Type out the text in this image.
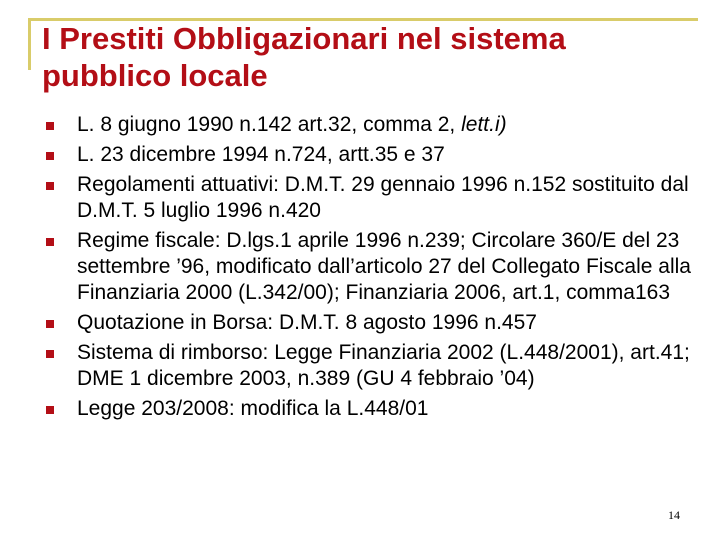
I Prestiti Obbligazionari nel sistema
pubblico locale
L. 8 giugno 1990 n.142 art.32, comma 2, lett.i)
L. 23 dicembre 1994 n.724, artt.35 e 37
Regolamenti attuativi: D.M.T. 29 gennaio 1996 n.152 sostituito dal D.M.T. 5 luglio 1996 n.420
Regime fiscale: D.lgs.1 aprile 1996 n.239; Circolare 360/E del 23 settembre ’96, modificato dall’articolo 27 del Collegato Fiscale alla Finanziaria 2000 (L.342/00); Finanziaria 2006, art.1, comma163
Quotazione in Borsa: D.M.T. 8 agosto 1996 n.457
Sistema di rimborso: Legge Finanziaria 2002 (L.448/2001), art.41; DME 1 dicembre 2003, n.389 (GU 4 febbraio ’04)
Legge 203/2008: modifica la L.448/01
14
